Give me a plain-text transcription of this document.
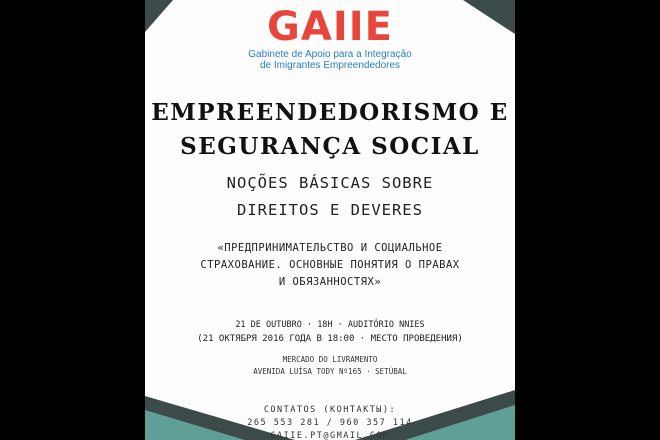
GAIIE
Gabinete de Apoio para a Integração
de Imigrantes Empreendedores
EMPREENDEDORISMO E
SEGURANÇA SOCIAL
NOÇÕES BÁSICAS SOBRE
DIREITOS E DEVERES
«ПРЕДПРИНИМАТЕЛЬСТВО И СОЦИАЛЬНОЕ
СТРАХОВАНИЕ. ОСНОВНЫЕ ПОНЯТИЯ О ПРАВАХ
И ОБЯЗАННОСТЯХ»
21 DE OUTUBRO · 18H · AUDITÓRIO NNIES
(21 ОКТЯБРЯ 2016 ГОДА В 18:00 · МЕСТО ПРОВЕДЕНИЯ)
MERCADO DO LIVRAMENTO
AVENIDA LUÍSA TODY Nº165 · SETÚBAL
CONTATOS (КОНТАКТЫ):
265 553 281 / 960 357 114
GAIIE.PT@GMAIL.COM
